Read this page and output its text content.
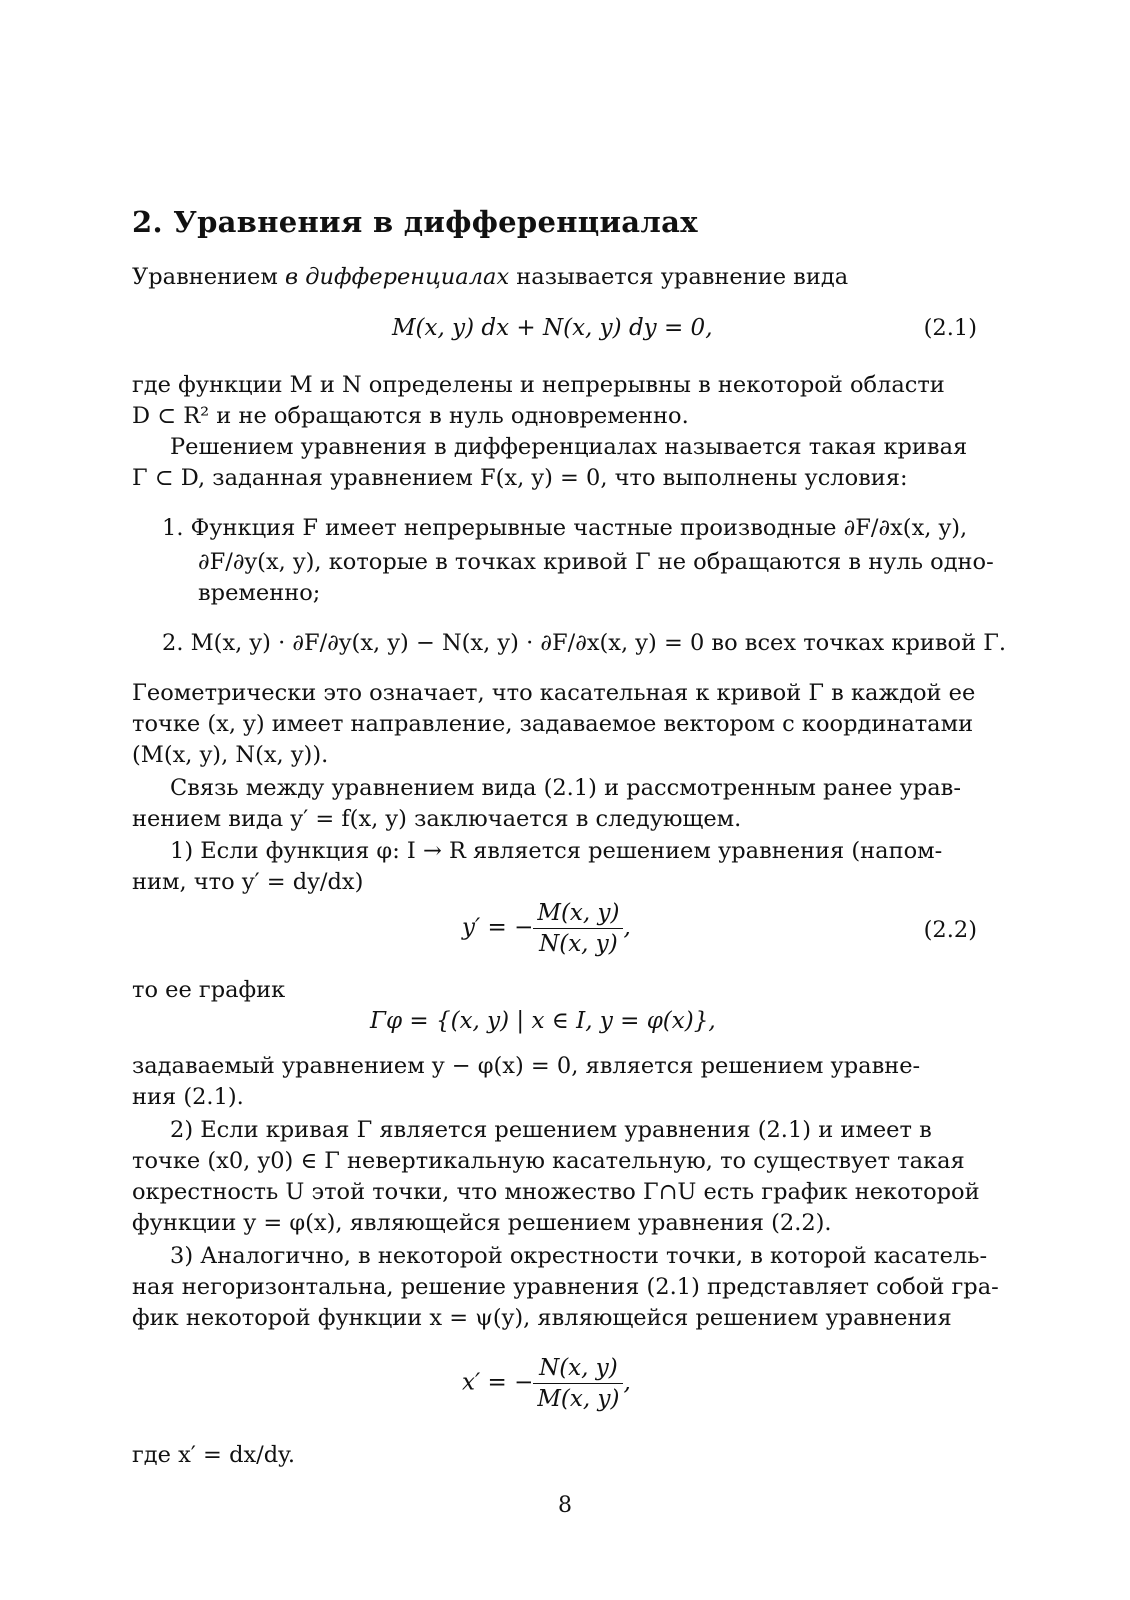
2. Уравнения в дифференциалах
Уравнением в дифференциалах называется уравнение вида
M(x, y) dx + N(x, y) dy = 0,	(2.1)
где функции M и N определены и непрерывны в некоторой области
D ⊂ R² и не обращаются в нуль одновременно.
Решением уравнения в дифференциалах называется такая кривая
Γ ⊂ D, заданная уравнением F(x, y) = 0, что выполнены условия:
1. Функция F имеет непрерывные частные производные ∂F/∂x(x, y),
∂F/∂y(x, y), которые в точках кривой Γ не обращаются в нуль одно-
временно;
2. M(x, y) · ∂F/∂y(x, y) − N(x, y) · ∂F/∂x(x, y) = 0 во всех точках кривой Γ.
Геометрически это означает, что касательная к кривой Γ в каждой ее
точке (x, y) имеет направление, задаваемое вектором с координатами
(M(x, y), N(x, y)).
Связь между уравнением вида (2.1) и рассмотренным ранее урав-
нением вида y′ = f(x, y) заключается в следующем.
1) Если функция φ: I → R является решением уравнения (напом-
ним, что y′ = dy/dx)
y′ = − $\frac{M(x, y)}{N(x, y)}$ ,	(2.2)
то ее график
Γφ = {(x, y) | x ∈ I, y = φ(x)},
задаваемый уравнением y − φ(x) = 0, является решением уравне-
ния (2.1).
2) Если кривая Γ является решением уравнения (2.1) и имеет в
точке (x0, y0) ∈ Γ невертикальную касательную, то существует такая
окрестность U этой точки, что множество Γ∩U есть график некоторой
функции y = φ(x), являющейся решением уравнения (2.2).
3) Аналогично, в некоторой окрестности точки, в которой касатель-
ная негоризонтальна, решение уравнения (2.1) представляет собой гра-
фик некоторой функции x = ψ(y), являющейся решением уравнения
x′ = − $\frac{N(x, y)}{M(x, y)}$ ,
где x′ = dx/dy.
8
